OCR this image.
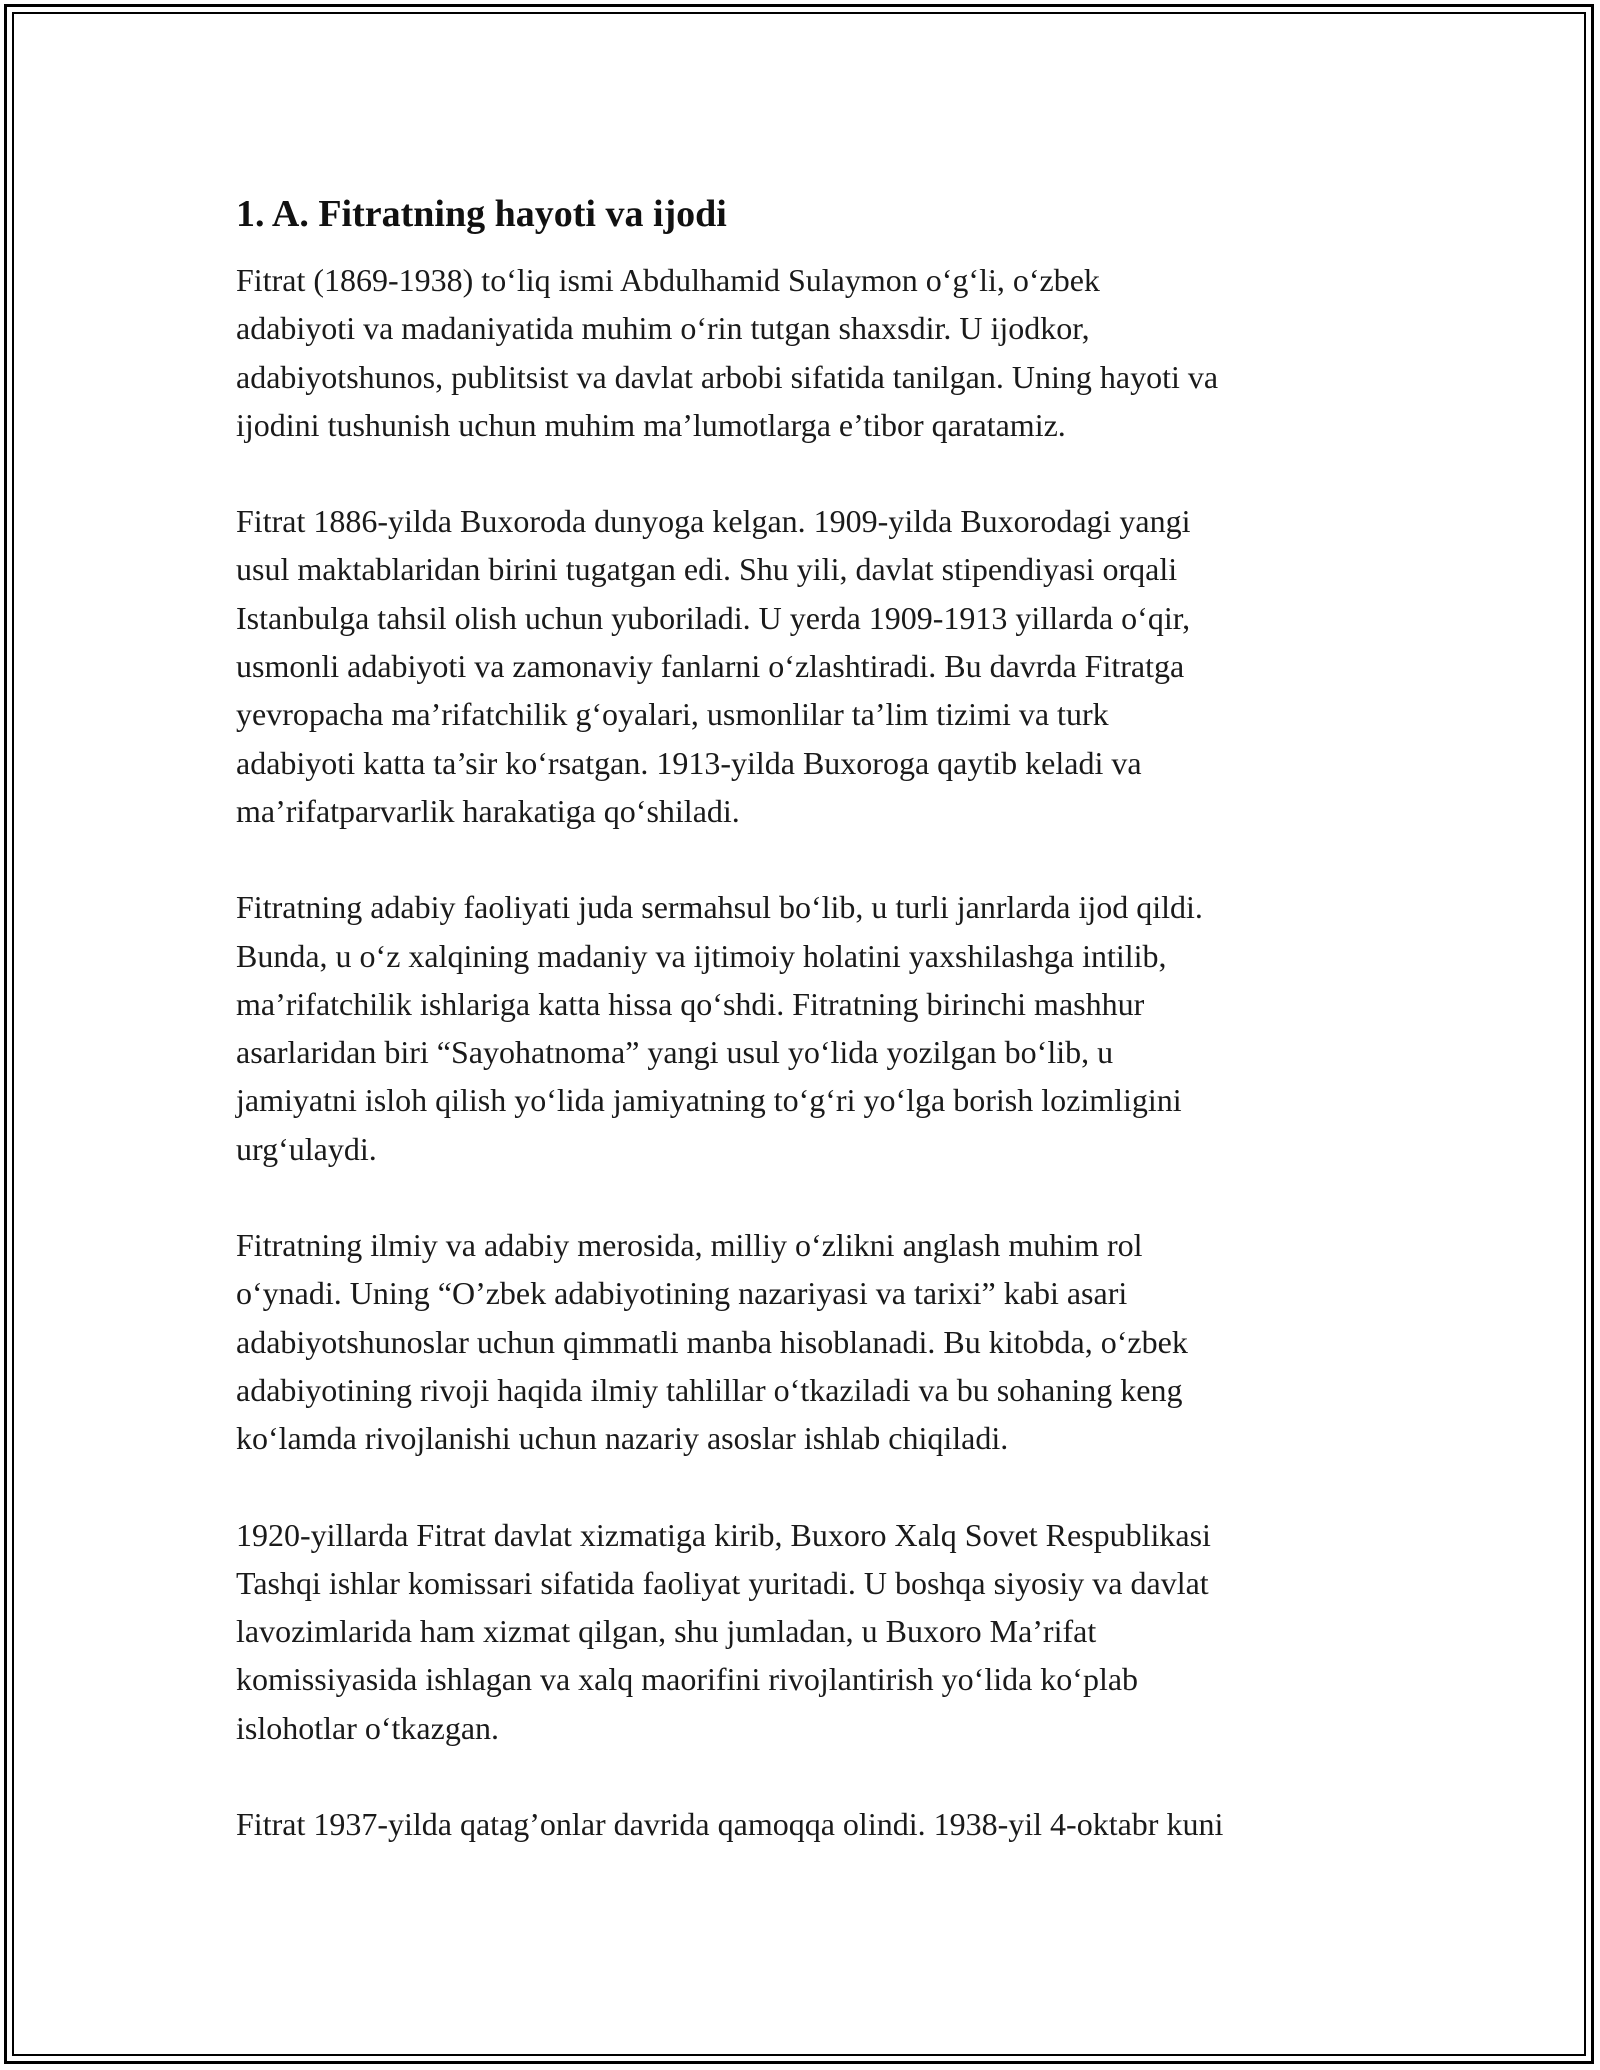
1. A. Fitratning hayoti va ijodi

Fitrat (1869-1938) to‘liq ismi Abdulhamid Sulaymon o‘g‘li, o‘zbek
adabiyoti va madaniyatida muhim o‘rin tutgan shaxsdir. U ijodkor,
adabiyotshunos, publitsist va davlat arbobi sifatida tanilgan. Uning hayoti va
ijodini tushunish uchun muhim ma’lumotlarga e’tibor qaratamiz.

Fitrat 1886-yilda Buxoroda dunyoga kelgan. 1909-yilda Buxorodagi yangi
usul maktablaridan birini tugatgan edi. Shu yili, davlat stipendiyasi orqali
Istanbulga tahsil olish uchun yuboriladi. U yerda 1909-1913 yillarda o‘qir,
usmonli adabiyoti va zamonaviy fanlarni o‘zlashtiradi. Bu davrda Fitratga
yevropacha ma’rifatchilik g‘oyalari, usmonlilar ta’lim tizimi va turk
adabiyoti katta ta’sir ko‘rsatgan. 1913-yilda Buxoroga qaytib keladi va
ma’rifatparvarlik harakatiga qo‘shiladi.

Fitratning adabiy faoliyati juda sermahsul bo‘lib, u turli janrlarda ijod qildi.
Bunda, u o‘z xalqining madaniy va ijtimoiy holatini yaxshilashga intilib,
ma’rifatchilik ishlariga katta hissa qo‘shdi. Fitratning birinchi mashhur
asarlaridan biri “Sayohatnoma” yangi usul yo‘lida yozilgan bo‘lib, u
jamiyatni isloh qilish yo‘lida jamiyatning to‘g‘ri yo‘lga borish lozimligini
urg‘ulaydi.

Fitratning ilmiy va adabiy merosida, milliy o‘zlikni anglash muhim rol
o‘ynadi. Uning “O’zbek adabiyotining nazariyasi va tarixi” kabi asari
adabiyotshunoslar uchun qimmatli manba hisoblanadi. Bu kitobda, o‘zbek
adabiyotining rivoji haqida ilmiy tahlillar o‘tkaziladi va bu sohaning keng
ko‘lamda rivojlanishi uchun nazariy asoslar ishlab chiqiladi.

1920-yillarda Fitrat davlat xizmatiga kirib, Buxoro Xalq Sovet Respublikasi
Tashqi ishlar komissari sifatida faoliyat yuritadi. U boshqa siyosiy va davlat
lavozimlarida ham xizmat qilgan, shu jumladan, u Buxoro Ma’rifat
komissiyasida ishlagan va xalq maorifini rivojlantirish yo‘lida ko‘plab
islohotlar o‘tkazgan.

Fitrat 1937-yilda qatag’onlar davrida qamoqqa olindi. 1938-yil 4-oktabr kuni
